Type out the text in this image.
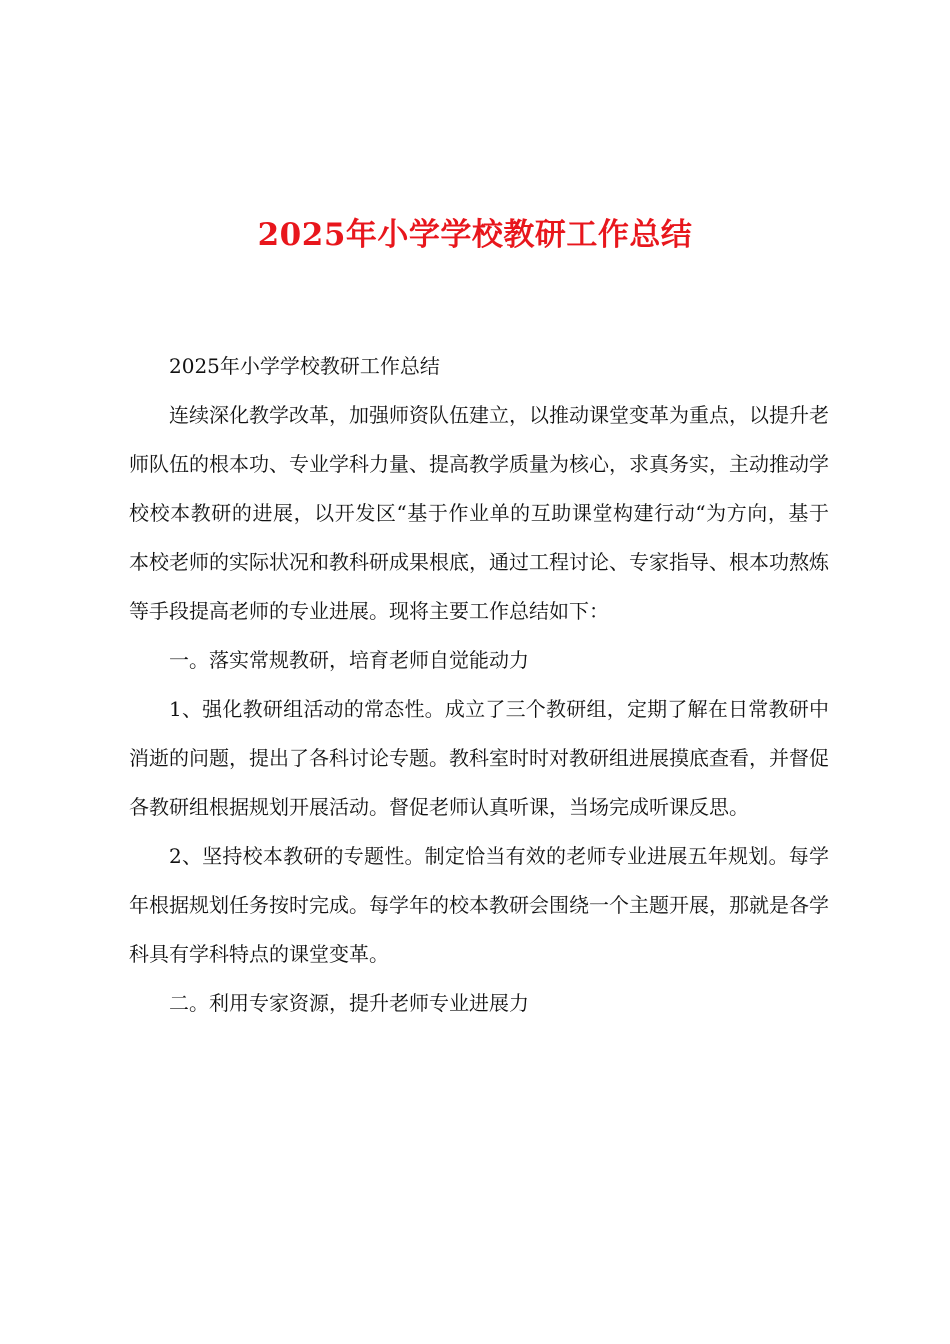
2025年小学学校教研工作总结

2025年小学学校教研工作总结

连续深化教学改革，加强师资队伍建立，以推动课堂变革为重点，以提升老师队伍的根本功、专业学科力量、提高教学质量为核心，求真务实，主动推动学校校本教研的进展，以开发区“基于作业单的互助课堂构建行动“为方向，基于本校老师的实际状况和教科研成果根底，通过工程讨论、专家指导、根本功熬炼等手段提高老师的专业进展。现将主要工作总结如下：

一。落实常规教研，培育老师自觉能动力

1、强化教研组活动的常态性。成立了三个教研组，定期了解在日常教研中消逝的问题，提出了各科讨论专题。教科室时时对教研组进展摸底查看，并督促各教研组根据规划开展活动。督促老师认真听课，当场完成听课反思。

2、坚持校本教研的专题性。制定恰当有效的老师专业进展五年规划。每学年根据规划任务按时完成。每学年的校本教研会围绕一个主题开展，那就是各学科具有学科特点的课堂变革。

二。利用专家资源，提升老师专业进展力
